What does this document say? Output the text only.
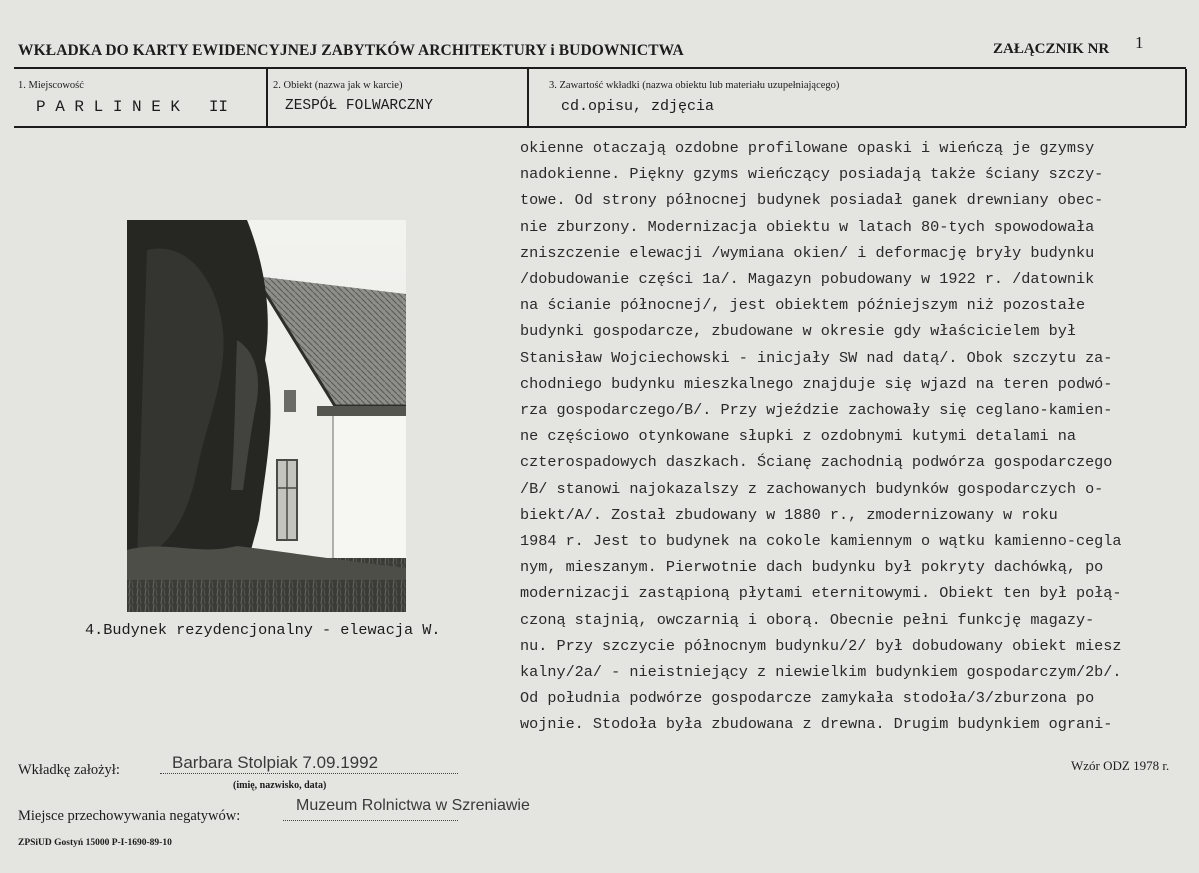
WKŁADKA DO KARTY EWIDENCYJNEJ ZABYTKÓW ARCHITEKTURY i BUDOWNICTWA	ZAŁĄCZNIK NR 1
1. Miejscowość
P A R L I N E K   II
2. Obiekt (nazwa jak w karcie)
ZESPÓŁ FOLWARCZNY
3. Zawartość wkładki (nazwa obiektu lub materiału uzupełniającego)
cd.opisu, zdjęcia
okienne otaczają ozdobne profilowane opaski i wieńczą je gzymsy
nadokienne. Piękny gzyms wieńczący posiadają także ściany szczy-
towe. Od strony północnej budynek posiadał ganek drewniany obec-
nie zburzony. Modernizacja obiektu w latach 80-tych spowodowała
zniszczenie elewacji /wymiana okien/ i deformację bryły budynku
/dobudowanie części 1a/. Magazyn pobudowany w 1922 r. /datownik
na ścianie północnej/, jest obiektem późniejszym niż pozostałe
budynki gospodarcze, zbudowane w okresie gdy właścicielem był
Stanisław Wojciechowski - inicjały SW nad datą/. Obok szczytu za-
chodniego budynku mieszkalnego znajduje się wjazd na teren podwó-
rza gospodarczego/B/. Przy wjeździe zachowały się ceglano-kamien-
ne częściowo otynkowane słupki z ozdobnymi kutymi detalami na
czterospadowych daszkach. Ścianę zachodnią podwórza gospodarczego
/B/ stanowi najokazalszy z zachowanych budynków gospodarczych o-
biekt/A/. Został zbudowany w 1880 r., zmodernizowany w roku
1984 r. Jest to budynek na cokole kamiennym o wątku kamienno-cegla
nym, mieszanym. Pierwotnie dach budynku był pokryty dachówką, po
modernizacji zastąpioną płytami eternitowymi. Obiekt ten był połą-
czoną stajnią, owczarnią i oborą. Obecnie pełni funkcję magazy-
nu. Przy szczycie północnym budynku/2/ był dobudowany obiekt miesz
kalny/2a/ - nieistniejący z niewielkim budynkiem gospodarczym/2b/.
Od południa podwórze gospodarcze zamykała stodoła/3/zburzona po
wojnie. Stodoła była zbudowana z drewna. Drugim budynkiem ograni-
4.Budynek rezydencjonalny - elewacja W.
Wkładkę założył:	Barbara Stolpiak 7.09.1992
(imię, nazwisko, data)
Miejsce przechowywania negatywów:
Muzeum Rolnictwa w Szreniawie
Wzór ODZ 1978 r.
ZPSiUD Gostyń 15000 P-I-1690-89-10
